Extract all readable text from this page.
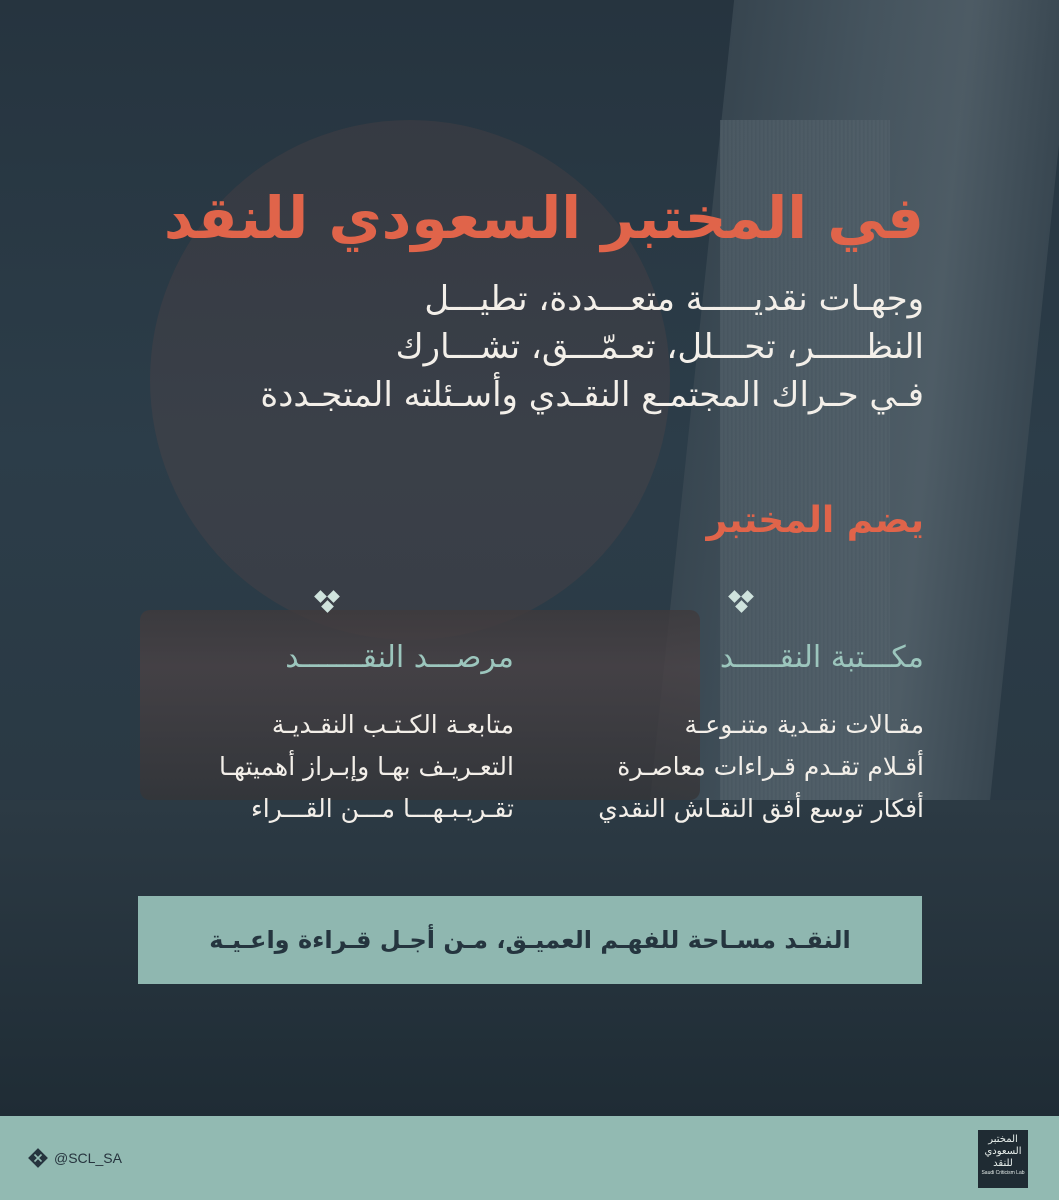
في المختبر السعودي للنقد
وجهـات نقديـــــة متعـــددة، تطيـــل
النظـــــر، تحـــلل، تعـمّـــق، تشـــارك
فـي حـراك المجتمـع النقـدي وأسـئلته المتجـددة
يضم المختبر
مكـــتبة النقـــــد
مقـالات نقـدية متنـوعـة
أقـلام تقـدم قـراءات معاصـرة
أفكار توسع أفق النقـاش النقدي
مرصـــد النقـــــــد
متابعـة الكـتـب النقـديـة
التعـريـف بهـا وإبـراز أهميتهـا
تقـريـبـهـــا مـــن القـــراء
النقـد مسـاحة للفهـم العميـق، مـن أجـل قـراءة واعـيـة
@SCL_SA
المختبر
السعودي
للنقد
Saudi Criticism Lab
